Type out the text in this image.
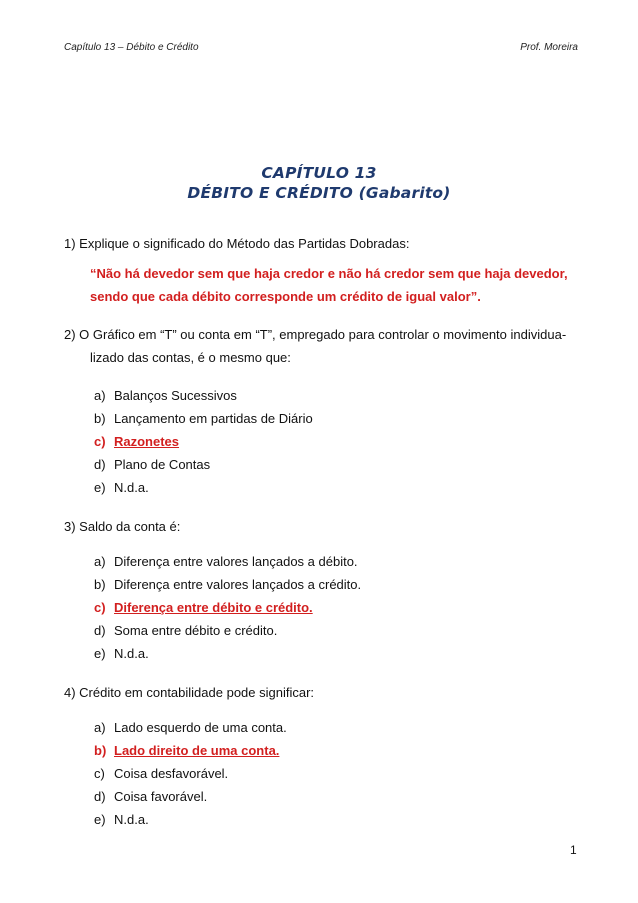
Capítulo 13 – Débito e Crédito	Prof. Moreira
CAPÍTULO 13
DÉBITO E CRÉDITO (Gabarito)
1) Explique o significado do Método das Partidas Dobradas:
“Não há devedor sem que haja credor e não há credor sem que haja devedor,
sendo que cada débito corresponde um crédito de igual valor”.
2) O Gráfico em “T” ou conta em “T”, empregado para controlar o movimento individua-
lizado das contas, é o mesmo que:
a) Balanços Sucessivos
b) Lançamento em partidas de Diário
c) Razonetes
d) Plano de Contas
e) N.d.a.
3) Saldo da conta é:
a) Diferença entre valores lançados a débito.
b) Diferença entre valores lançados a crédito.
c) Diferença entre débito e crédito.
d) Soma entre débito e crédito.
e) N.d.a.
4) Crédito em contabilidade pode significar:
a) Lado esquerdo de uma conta.
b) Lado direito de uma conta.
c) Coisa desfavorável.
d) Coisa favorável.
e) N.d.a.
1
